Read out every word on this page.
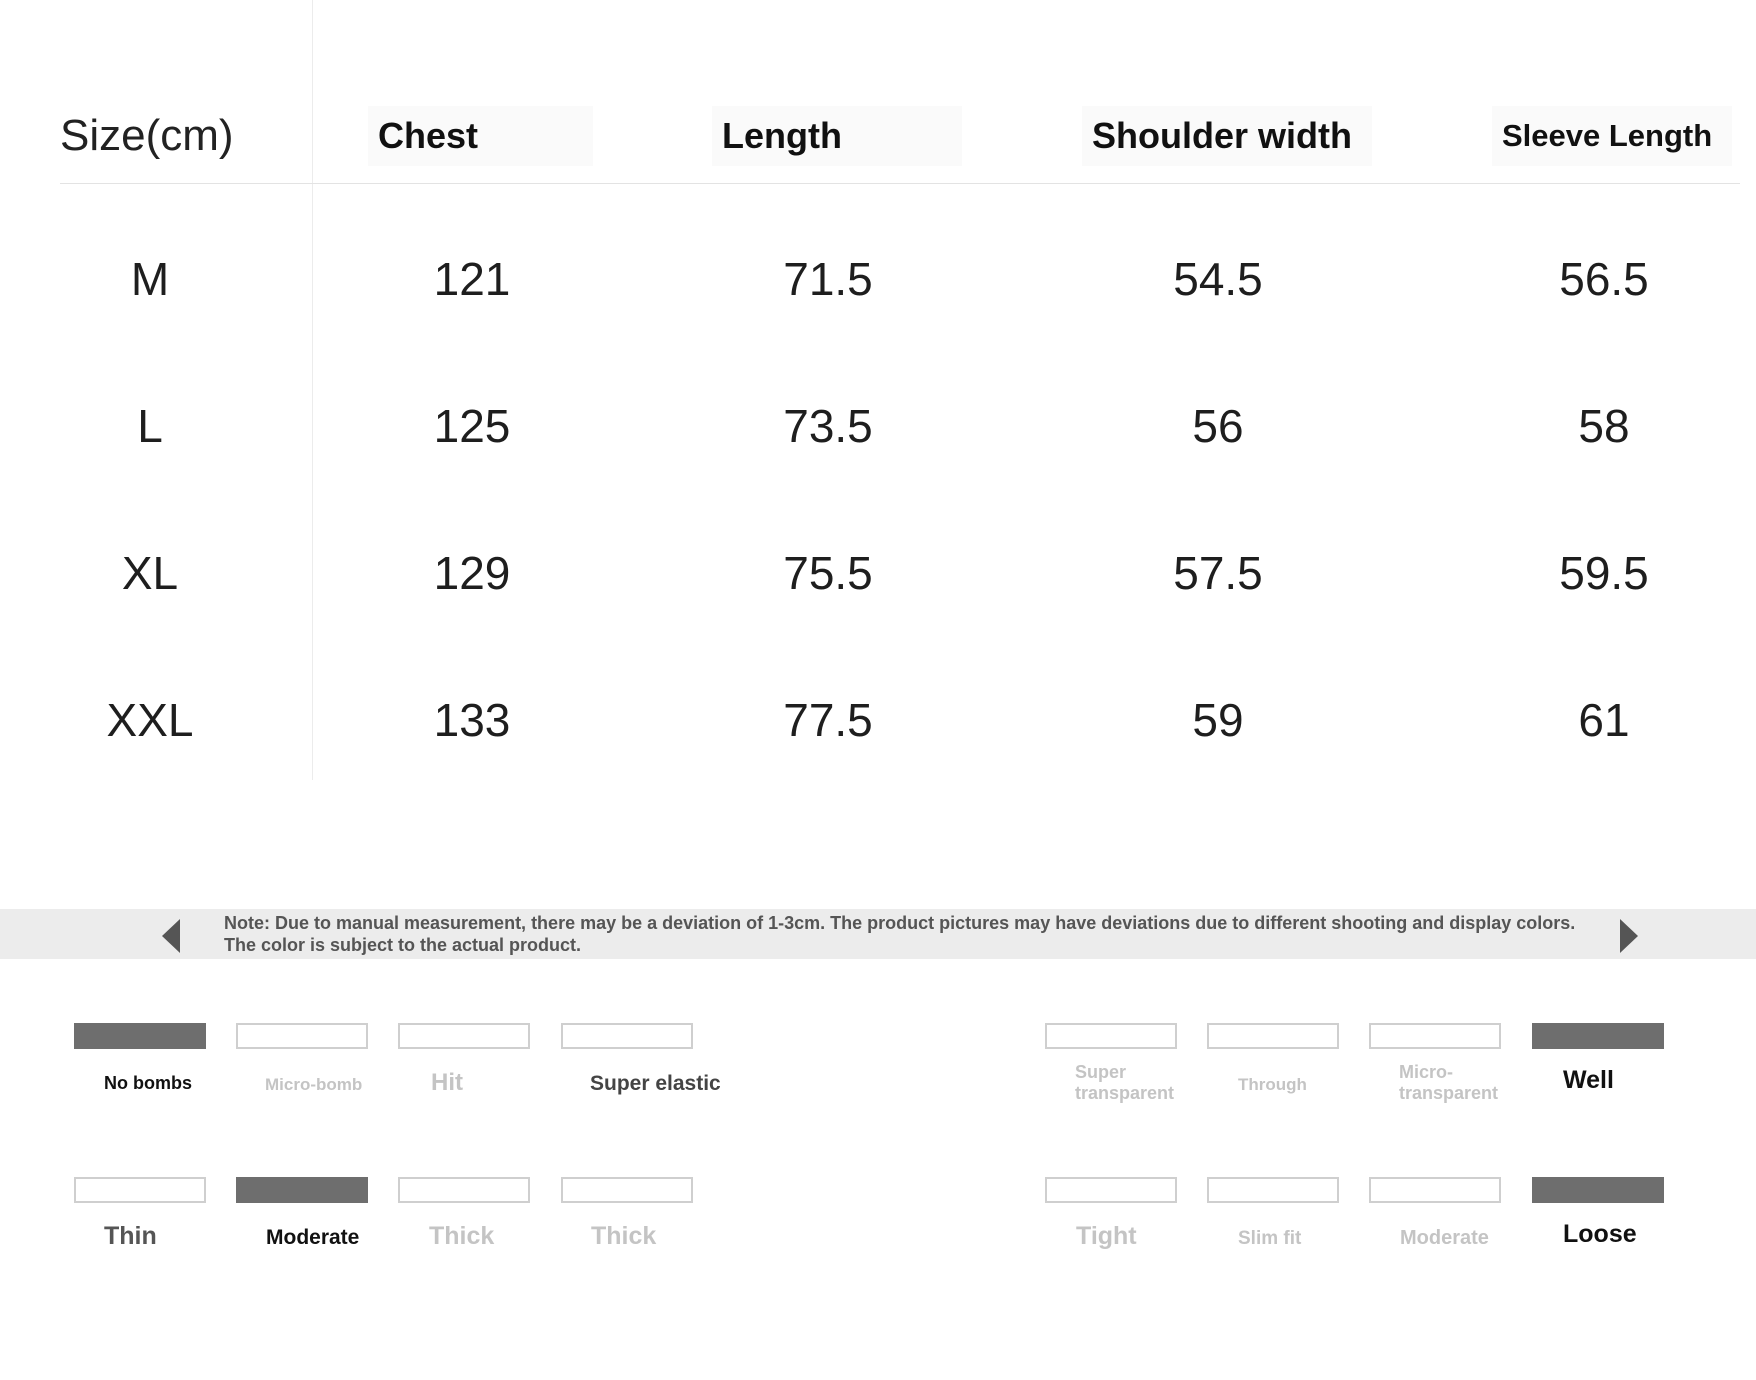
Size(cm)	Chest	Length	Shoulder width	Sleeve Length
M	121	71.5	54.5	56.5
L	125	73.5	56	58
XL	129	75.5	57.5	59.5
XXL	133	77.5	59	61
Note: Due to manual measurement, there may be a deviation of 1-3cm. The product pictures may have deviations due to different shooting and display colors. The color is subject to the actual product.
No bombs	Micro-bomb	Hit	Super elastic
Thin	Moderate	Thick	Thick
Super transparent	Through
Micro-transparent	Well
Tight	Slim fit	Moderate	Loose
